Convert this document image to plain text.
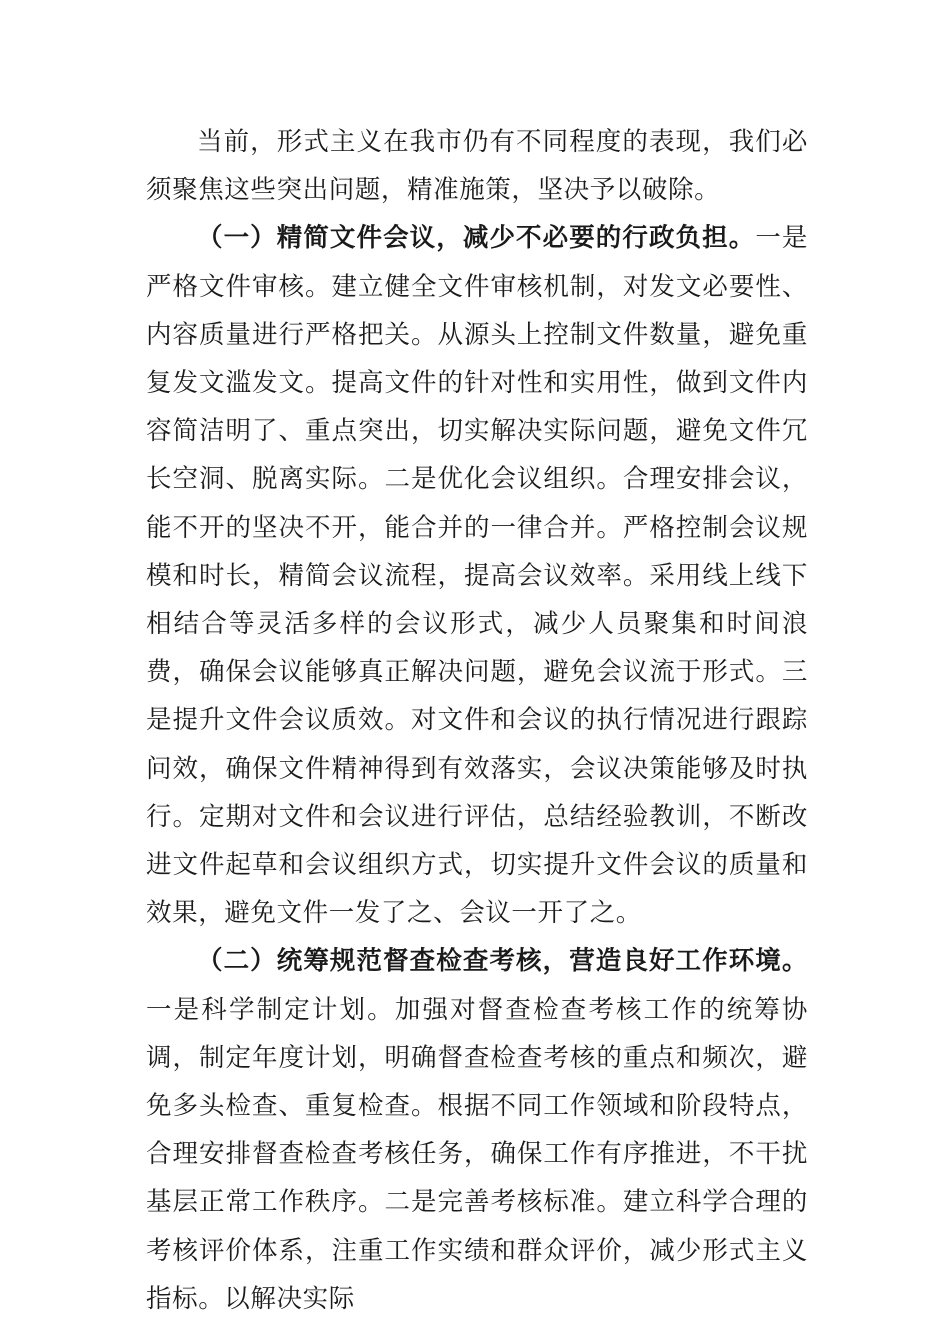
当前，形式主义在我市仍有不同程度的表现，我们必须聚焦这些突出问题，精准施策，坚决予以破除。

（一）精简文件会议，减少不必要的行政负担。一是严格文件审核。建立健全文件审核机制，对发文必要性、内容质量进行严格把关。从源头上控制文件数量，避免重复发文滥发文。提高文件的针对性和实用性，做到文件内容简洁明了、重点突出，切实解决实际问题，避免文件冗长空洞、脱离实际。二是优化会议组织。合理安排会议，能不开的坚决不开，能合并的一律合并。严格控制会议规模和时长，精简会议流程，提高会议效率。采用线上线下相结合等灵活多样的会议形式，减少人员聚集和时间浪费，确保会议能够真正解决问题，避免会议流于形式。三是提升文件会议质效。对文件和会议的执行情况进行跟踪问效，确保文件精神得到有效落实，会议决策能够及时执行。定期对文件和会议进行评估，总结经验教训，不断改进文件起草和会议组织方式，切实提升文件会议的质量和效果，避免文件一发了之、会议一开了之。

（二）统筹规范督查检查考核，营造良好工作环境。一是科学制定计划。加强对督查检查考核工作的统筹协调，制定年度计划，明确督查检查考核的重点和频次，避免多头检查、重复检查。根据不同工作领域和阶段特点，合理安排督查检查考核任务，确保工作有序推进，不干扰基层正常工作秩序。二是完善考核标准。建立科学合理的考核评价体系，注重工作实绩和群众评价，减少形式主义指标。以解决实际
